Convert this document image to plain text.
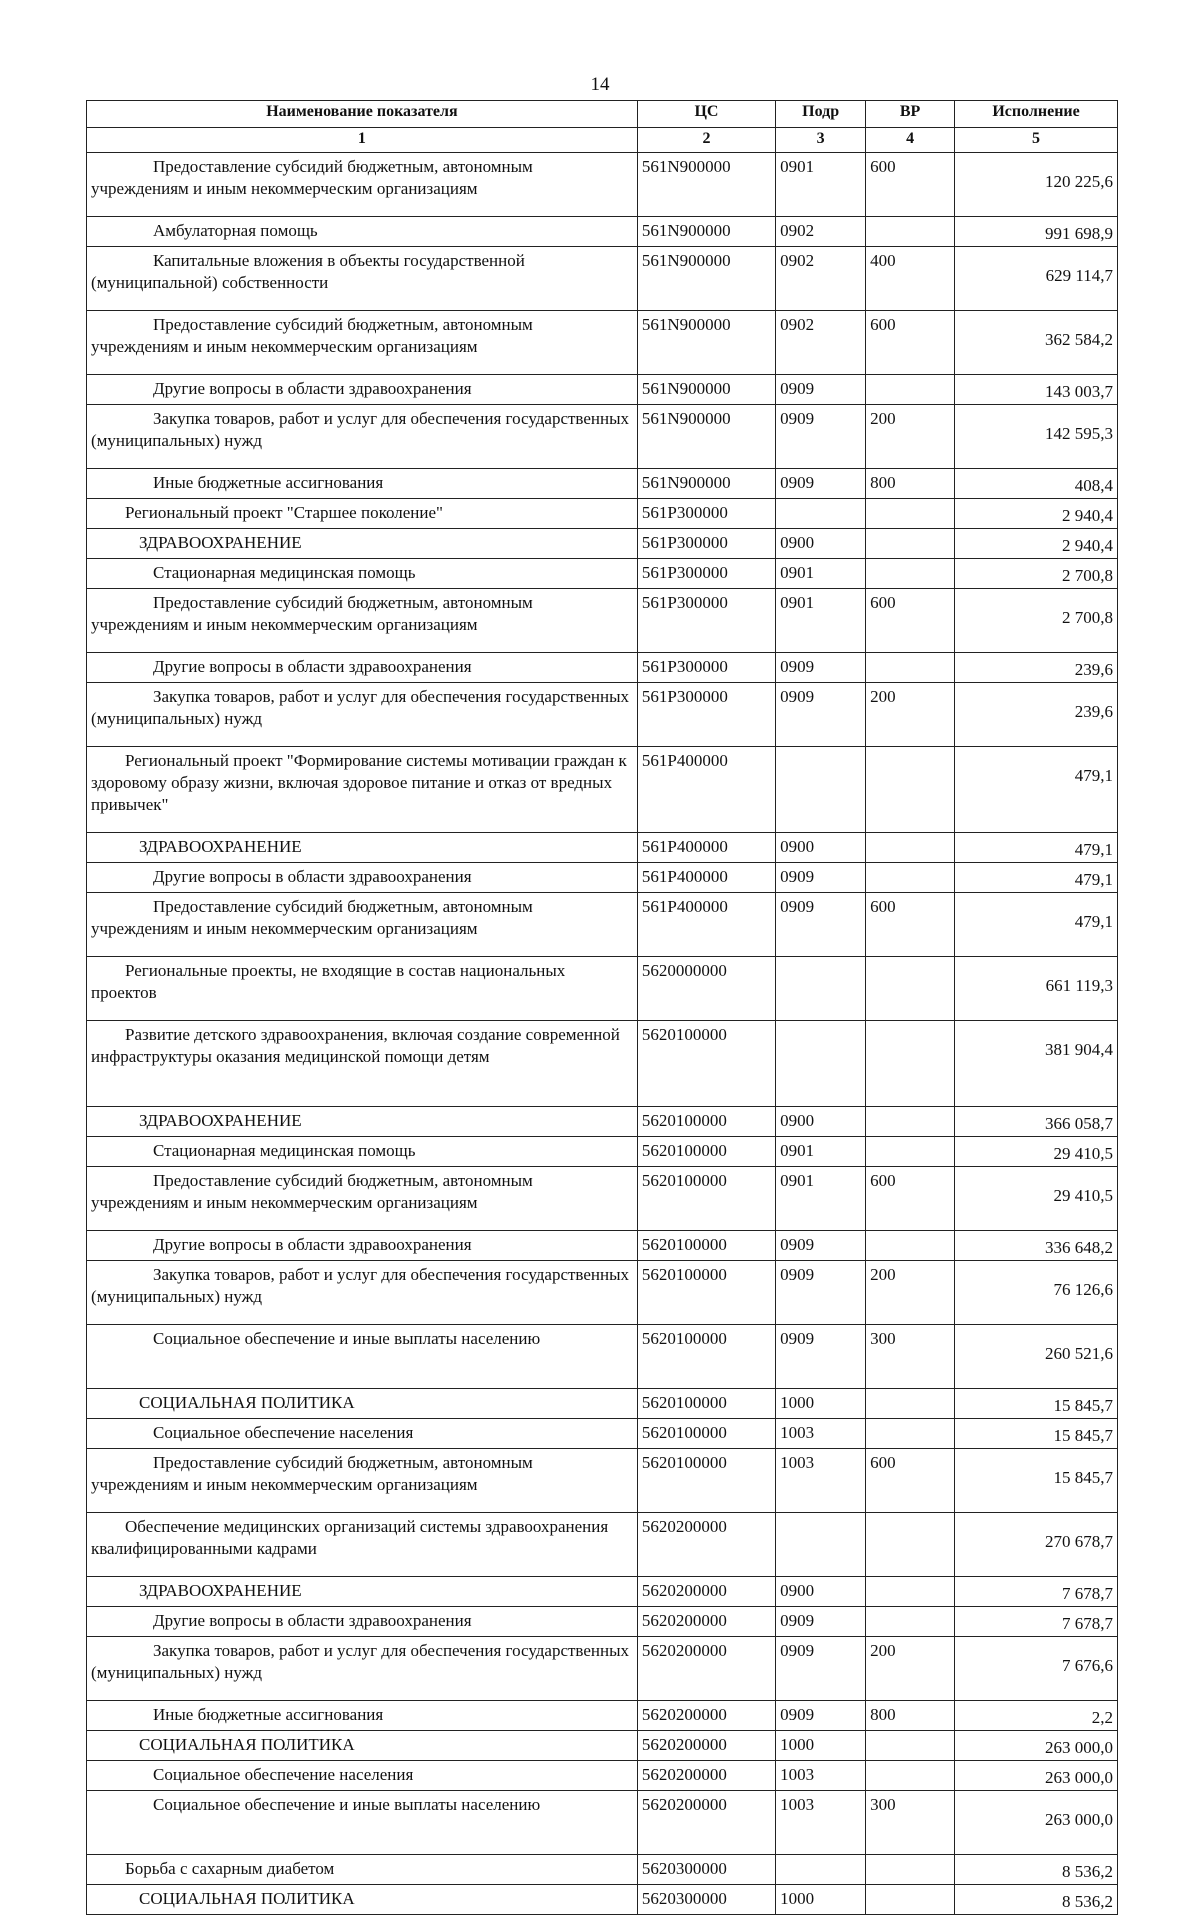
14
Наименование показателя	ЦС	Подр	ВР	Исполнение
1	2	3	4	5
Предоставление субсидий бюджетным, автономным учреждениям и иным некоммерческим организациям	561N900000	0901	600	120 225,6
Амбулаторная помощь	561N900000	0902		991 698,9
Капитальные вложения в объекты государственной (муниципальной) собственности	561N900000	0902	400	629 114,7
Предоставление субсидий бюджетным, автономным учреждениям и иным некоммерческим организациям	561N900000	0902	600	362 584,2
Другие вопросы в области здравоохранения	561N900000	0909		143 003,7
Закупка товаров, работ и услуг для обеспечения государственных (муниципальных) нужд	561N900000	0909	200	142 595,3
Иные бюджетные ассигнования	561N900000	0909	800	408,4
Региональный проект "Старшее поколение"	561P300000			2 940,4
ЗДРАВООХРАНЕНИЕ	561P300000	0900		2 940,4
Стационарная медицинская помощь	561P300000	0901		2 700,8
Предоставление субсидий бюджетным, автономным учреждениям и иным некоммерческим организациям	561P300000	0901	600	2 700,8
Другие вопросы в области здравоохранения	561P300000	0909		239,6
Закупка товаров, работ и услуг для обеспечения государственных (муниципальных) нужд	561P300000	0909	200	239,6
Региональный проект "Формирование системы мотивации граждан к здоровому образу жизни, включая здоровое питание и отказ от вредных привычек"	561P400000			479,1
ЗДРАВООХРАНЕНИЕ	561P400000	0900		479,1
Другие вопросы в области здравоохранения	561P400000	0909		479,1
Предоставление субсидий бюджетным, автономным учреждениям и иным некоммерческим организациям	561P400000	0909	600	479,1
Региональные проекты, не входящие в состав национальных проектов	5620000000			661 119,3
Развитие детского здравоохранения, включая создание современной инфраструктуры оказания медицинской помощи детям	5620100000			381 904,4
ЗДРАВООХРАНЕНИЕ	5620100000	0900		366 058,7
Стационарная медицинская помощь	5620100000	0901		29 410,5
Предоставление субсидий бюджетным, автономным учреждениям и иным некоммерческим организациям	5620100000	0901	600	29 410,5
Другие вопросы в области здравоохранения	5620100000	0909		336 648,2
Закупка товаров, работ и услуг для обеспечения государственных (муниципальных) нужд	5620100000	0909	200	76 126,6
Социальное обеспечение и иные выплаты населению	5620100000	0909	300	260 521,6
СОЦИАЛЬНАЯ ПОЛИТИКА	5620100000	1000		15 845,7
Социальное обеспечение населения	5620100000	1003		15 845,7
Предоставление субсидий бюджетным, автономным учреждениям и иным некоммерческим организациям	5620100000	1003	600	15 845,7
Обеспечение медицинских организаций системы здравоохранения квалифицированными кадрами	5620200000			270 678,7
ЗДРАВООХРАНЕНИЕ	5620200000	0900		7 678,7
Другие вопросы в области здравоохранения	5620200000	0909		7 678,7
Закупка товаров, работ и услуг для обеспечения государственных (муниципальных) нужд	5620200000	0909	200	7 676,6
Иные бюджетные ассигнования	5620200000	0909	800	2,2
СОЦИАЛЬНАЯ ПОЛИТИКА	5620200000	1000		263 000,0
Социальное обеспечение населения	5620200000	1003		263 000,0
Социальное обеспечение и иные выплаты населению	5620200000	1003	300	263 000,0
Борьба с сахарным диабетом	5620300000			8 536,2
СОЦИАЛЬНАЯ ПОЛИТИКА	5620300000	1000		8 536,2
